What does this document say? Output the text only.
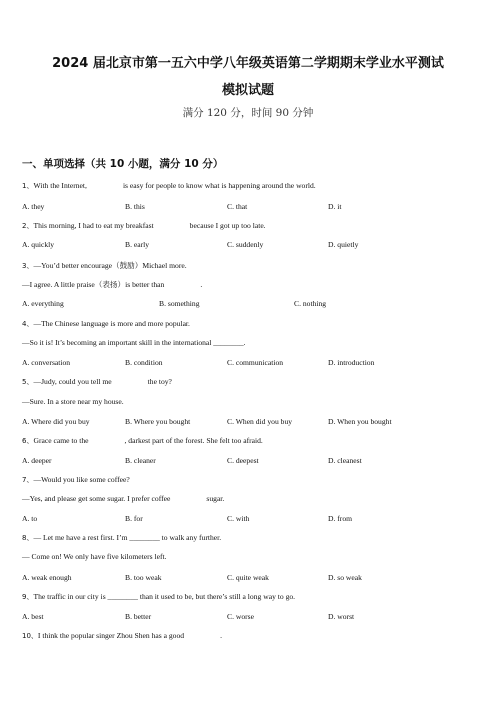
2024 届北京市第一五六中学八年级英语第二学期期末学业水平测试
模拟试题
满分 120 分，时间 90 分钟
一、单项选择（共 10 小题，满分 10 分）
1、With the Internet,	is easy for people to know what is happening around the world.
A. they	B. this	C. that	D. it
2、This morning, I had to eat my breakfast	because I got up too late.
A. quickly	B. early	C. suddenly	D. quietly
3、—You’d better encourage（鼓励）Michael more.
—I agree. A little praise（表扬）is better than	.
A. everything	B. something	C. nothing
4、—The Chinese language is more and more popular.
—So it is! It’s becoming an important skill in the international ________.
A. conversation	B. condition	C. communication	D. introduction
5、—Judy, could you tell me	the toy?
—Sure. In a store near my house.
A. Where did you buy	B. Where you bought	C. When did you buy	D. When you bought
6、Grace came to the	, darkest part of the forest. She felt too afraid.
A. deeper	B. cleaner	C. deepest	D. cleanest
7、—Would you like some coffee?
—Yes, and please get some sugar. I prefer coffee	sugar.
A. to	B. for	C. with	D. from
8、— Let me have a rest first. I’m ________ to walk any further.
— Come on! We only have five kilometers left.
A. weak enough	B. too weak	C. quite weak	D. so weak
9、The traffic in our city is ________ than it used to be, but there’s still a long way to go.
A. best	B. better	C. worse	D. worst
10、I think the popular singer Zhou Shen has a good	.
